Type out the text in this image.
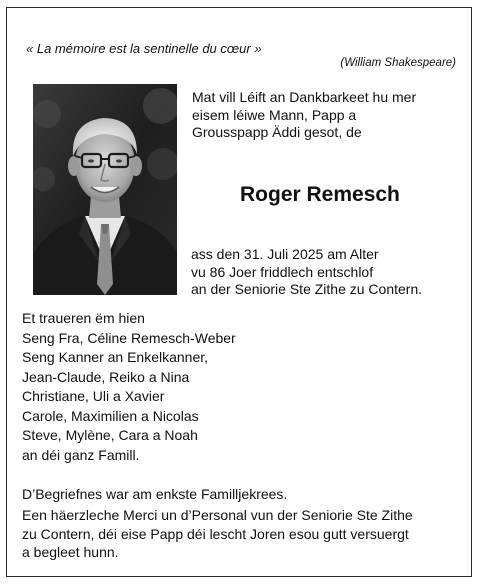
« La mémoire est la sentinelle du cœur »
(William Shakespeare)
Mat vill Léift an Dankbarkeet hu mer
eisem léiwe Mann, Papp a
Grousspapp Äddi gesot, de
Roger Remesch
ass den 31. Juli 2025 am Alter
vu 86 Joer friddlech entschlof
an der Seniorie Ste Zithe zu Contern.
Et traueren ëm hien
Seng Fra, Céline Remesch-Weber
Seng Kanner an Enkelkanner,
Jean-Claude, Reiko a Nina
Christiane, Uli a Xavier
Carole, Maximilien a Nicolas
Steve, Mylène, Cara a Noah
an déi ganz Famill.
D’Begriefnes war am enkste Familljekrees.
Een häerzleche Merci un d’Personal vun der Seniorie Ste Zithe
zu Contern, déi eise Papp déi lescht Joren esou gutt versuergt
a begleet hunn.
